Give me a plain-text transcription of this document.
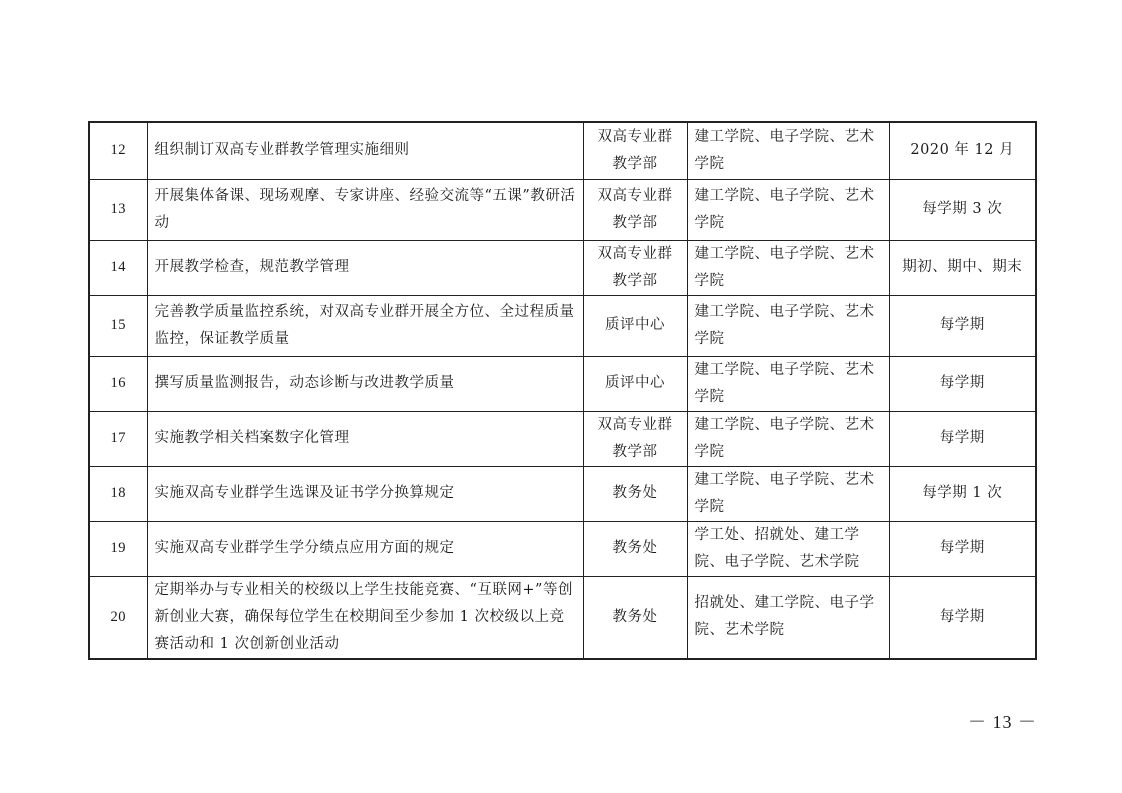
12	组织制订双高专业群教学管理实施细则	双高专业群教学部	建工学院、电子学院、艺术学院	2020 年 12 月
13	开展集体备课、现场观摩、专家讲座、经验交流等“五课”教研活动	双高专业群教学部	建工学院、电子学院、艺术学院	每学期 3 次
14	开展教学检查，规范教学管理	双高专业群教学部	建工学院、电子学院、艺术学院	期初、期中、期末
15	完善教学质量监控系统，对双高专业群开展全方位、全过程质量监控，保证教学质量	质评中心	建工学院、电子学院、艺术学院	每学期
16	撰写质量监测报告，动态诊断与改进教学质量	质评中心	建工学院、电子学院、艺术学院	每学期
17	实施教学相关档案数字化管理	双高专业群教学部	建工学院、电子学院、艺术学院	每学期
18	实施双高专业群学生选课及证书学分换算规定	教务处	建工学院、电子学院、艺术学院	每学期 1 次
19	实施双高专业群学生学分绩点应用方面的规定	教务处	学工处、招就处、建工学院、电子学院、艺术学院	每学期
20	定期举办与专业相关的校级以上学生技能竞赛、“互联网+”等创新创业大赛，确保每位学生在校期间至少参加 1 次校级以上竞赛活动和 1 次创新创业活动	教务处	招就处、建工学院、电子学院、艺术学院	每学期
－ 13 －
